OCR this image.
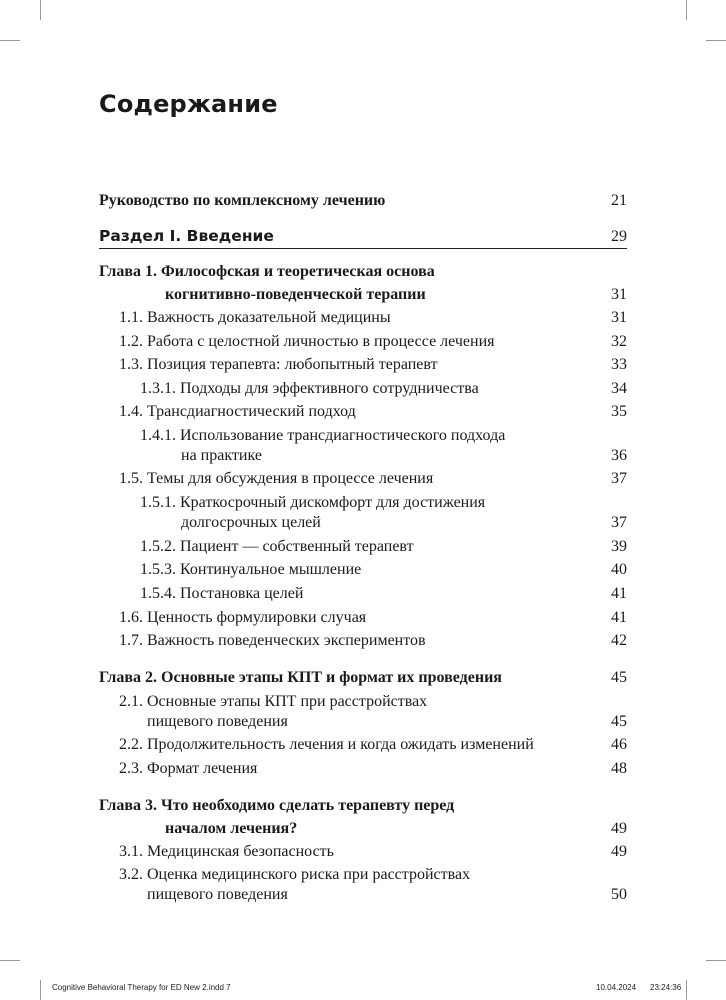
Содержание
Руководство по комплексному лечению	21
Раздел I. Введение	29
Глава 1. Философская и теоретическая основа
когнитивно-поведенческой терапии	31
1.1. Важность доказательной медицины	31
1.2. Работа с целостной личностью в процессе лечения	32
1.3. Позиция терапевта: любопытный терапевт	33
1.3.1. Подходы для эффективного сотрудничества	34
1.4. Трансдиагностический подход	35
1.4.1. Использование трансдиагностического подхода
на практике	36
1.5. Темы для обсуждения в процессе лечения	37
1.5.1. Краткосрочный дискомфорт для достижения
долгосрочных целей	37
1.5.2. Пациент — собственный терапевт	39
1.5.3. Континуальное мышление	40
1.5.4. Постановка целей	41
1.6. Ценность формулировки случая	41
1.7. Важность поведенческих экспериментов	42
Глава 2. Основные этапы КПТ и формат их проведения	45
2.1. Основные этапы КПТ при расстройствах
пищевого поведения	45
2.2. Продолжительность лечения и когда ожидать изменений	46
2.3. Формат лечения	48
Глава 3. Что необходимо сделать терапевту перед
началом лечения?	49
3.1. Медицинская безопасность	49
3.2. Оценка медицинского риска при расстройствах
пищевого поведения	50
Cognitive Behavioral Therapy for ED New 2.indd 7	10.04.2024 23:24:36
